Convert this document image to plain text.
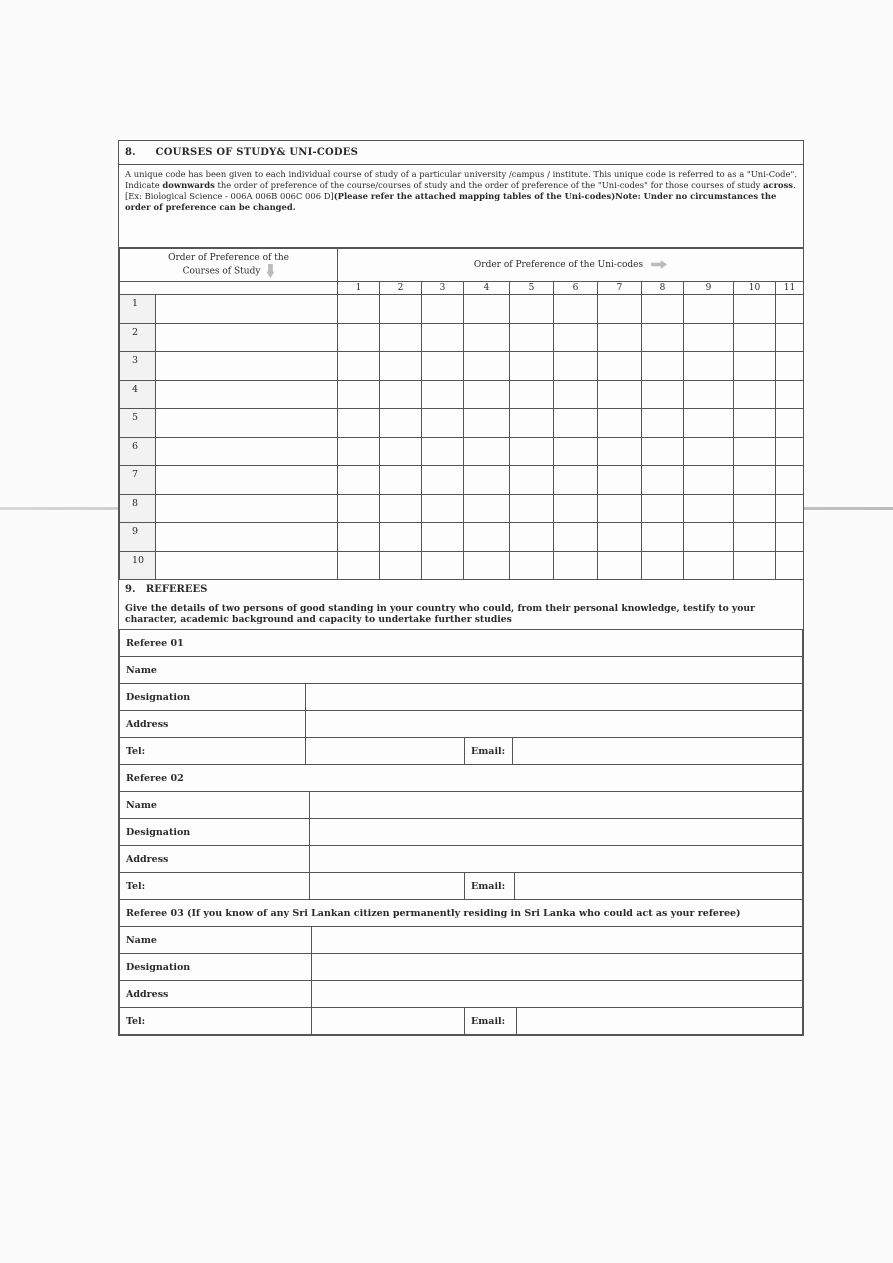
8. COURSES OF STUDY& UNI-CODES
A unique code has been given to each individual course of study of a particular university /campus / institute. This unique code is referred to as a "Uni-Code". Indicate downwards the order of preference of the course/courses of study and the order of preference of the "Uni-codes" for those courses of study across.[Ex: Biological Science - 006A 006B 006C 006 D](Please refer the attached mapping tables of the Uni-codes)Note: Under no circumstances the order of preference can be changed.
Order of Preference of the
Courses of Study		Order of Preference of the Uni-codes										
		1	2	3	4	5	6	7	8	9	10	11
1												
2												
3												
4												
5												
6												
7												
8												
9												
10												
9. REFEREES
Give the details of two persons of good standing in your country who could, from their personal knowledge, testify to your character, academic background and capacity to undertake further studies
Referee 01			
Name			
Designation			
Address			
Tel:		Email:	
Referee 02			
Name			
Designation			
Address			
Tel:		Email:	
Referee 03 (If you know of any Sri Lankan citizen permanently residing in Sri Lanka who could act as your referee)			
Name			
Designation			
Address			
Tel:		Email:	
